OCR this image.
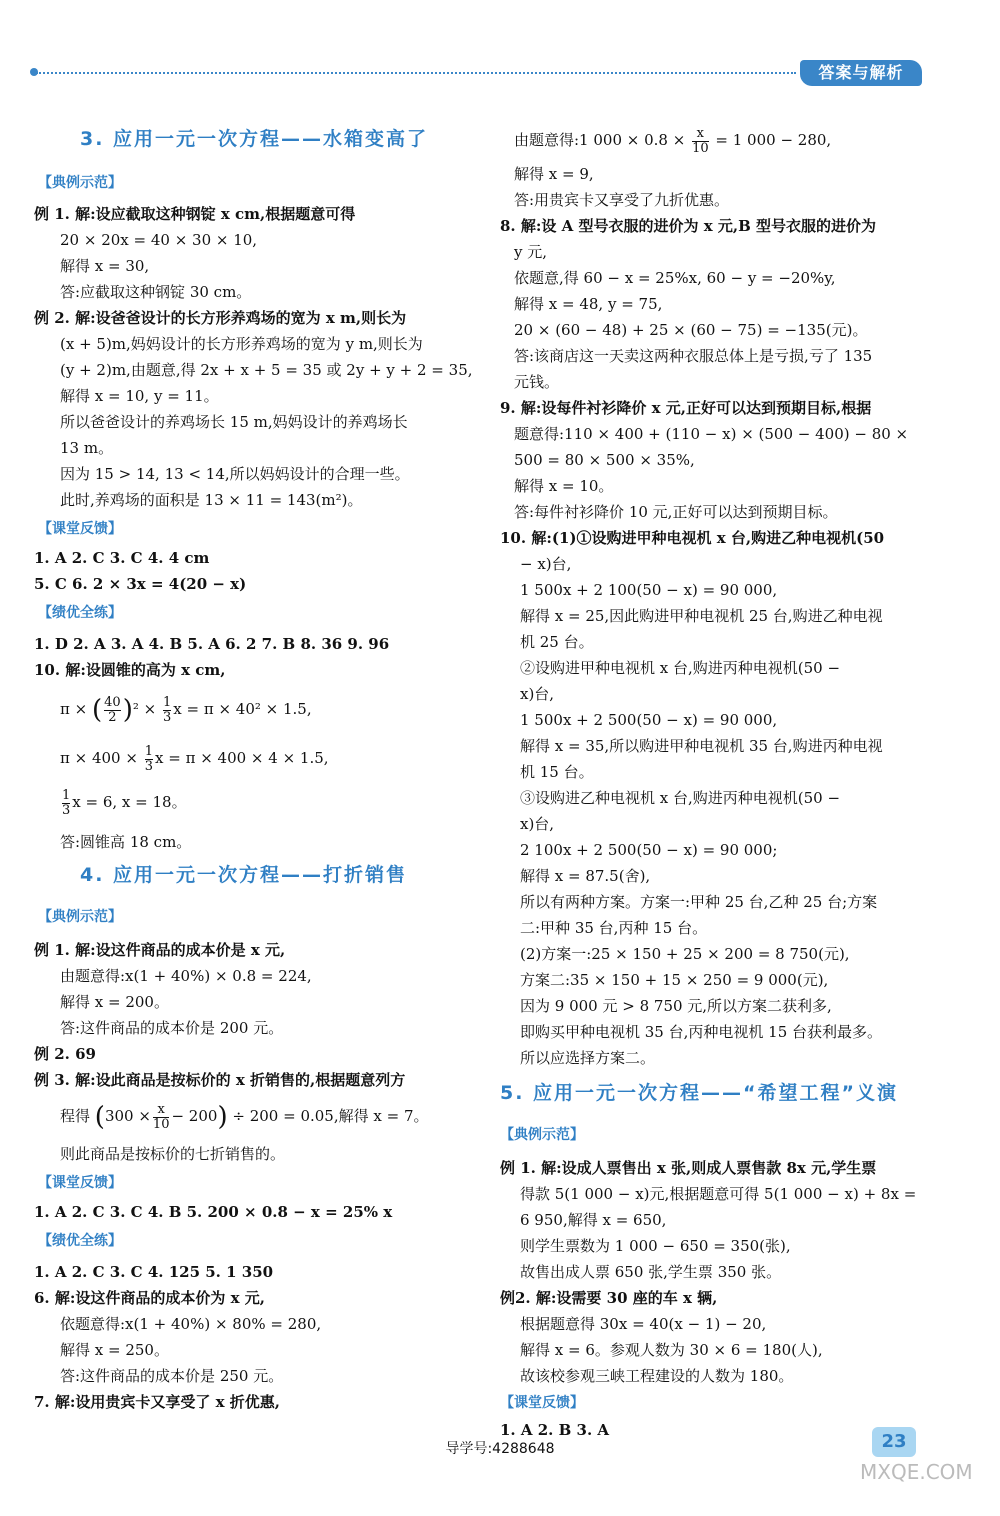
答案与解析
3. 应用一元一次方程——水箱变高了
【典例示范】
例 1. 解:设应截取这种钢锭 x cm,根据题意可得
20 × 20x = 40 × 30 × 10,
解得 x = 30,
答:应截取这种钢锭 30 cm。
例 2. 解:设爸爸设计的长方形养鸡场的宽为 x m,则长为
(x + 5)m,妈妈设计的长方形养鸡场的宽为 y m,则长为
(y + 2)m,由题意,得 2x + x + 5 = 35 或 2y + y + 2 = 35,
解得 x = 10, y = 11。
所以爸爸设计的养鸡场长 15 m,妈妈设计的养鸡场长
13 m。
因为 15 > 14, 13 < 14,所以妈妈设计的合理一些。
此时,养鸡场的面积是 13 × 11 = 143(m²)。
【课堂反馈】
1. A 2. C 3. C 4. 4 cm
5. C 6. 2 × 3x = 4(20 − x)
【绩优全练】
1. D 2. A 3. A 4. B 5. A 6. 2 7. B 8. 36 9. 96
10. 解:设圆锥的高为 x cm,
π × ( $\frac{40}{2} )^2 \times \frac{1}{3}$ x = π × 40² × 1.5,
$\pi \times 400 \times \frac{1}{3}$ x = π × 400 × 4 × 1.5,
$\frac{1}{3}$ x = 6, x = 18。
答:圆锥高 18 cm。
4. 应用一元一次方程——打折销售
【典例示范】
例 1. 解:设这件商品的成本价是 x 元,
由题意得:x(1 + 40%) × 0.8 = 224,
解得 x = 200。
答:这件商品的成本价是 200 元。
例 2. 69
例 3. 解:设此商品是按标价的 x 折销售的,根据题意列方
程得 $(300 \times \frac{x}{10} - 200) \div 200 = 0.05$,解得 x = 7。
则此商品是按标价的七折销售的。
【课堂反馈】
1. A 2. C 3. C 4. B 5. 200 × 0.8 − x = 25% x
【绩优全练】
1. A 2. C 3. C 4. 125 5. 1 350
6. 解:设这件商品的成本价为 x 元,
依题意得:x(1 + 40%) × 80% = 280,
解得 x = 250。
答:这件商品的成本价是 250 元。
7. 解:设用贵宾卡又享受了 x 折优惠,
由题意得:1 $000 \times 0.8 \times \frac{x}{10} = 1$ 000 − 280,
解得 x = 9,
答:用贵宾卡又享受了九折优惠。
8. 解:设 A 型号衣服的进价为 x 元,B 型号衣服的进价为
y 元,
依题意,得 60 − x = 25%x, 60 − y = −20%y,
解得 x = 48, y = 75,
20 × (60 − 48) + 25 × (60 − 75) = −135(元)。
答:该商店这一天卖这两种衣服总体上是亏损,亏了 135
元钱。
9. 解:设每件衬衫降价 x 元,正好可以达到预期目标,根据
题意得:110 × 400 + (110 − x) × (500 − 400) − 80 ×
500 = 80 × 500 × 35%,
解得 x = 10。
答:每件衬衫降价 10 元,正好可以达到预期目标。
10. 解:(1)①设购进甲种电视机 x 台,购进乙种电视机(50
− x)台,
1 500x + 2 100(50 − x) = 90 000,
解得 x = 25,因此购进甲种电视机 25 台,购进乙种电视
机 25 台。
②设购进甲种电视机 x 台,购进丙种电视机(50 −
x)台,
1 500x + 2 500(50 − x) = 90 000,
解得 x = 35,所以购进甲种电视机 35 台,购进丙种电视
机 15 台。
③设购进乙种电视机 x 台,购进丙种电视机(50 −
x)台,
2 100x + 2 500(50 − x) = 90 000;
解得 x = 87.5(舍),
所以有两种方案。方案一:甲种 25 台,乙种 25 台;方案
二:甲种 35 台,丙种 15 台。
(2)方案一:25 × 150 + 25 × 200 = 8 750(元),
方案二:35 × 150 + 15 × 250 = 9 000(元),
因为 9 000 元 > 8 750 元,所以方案二获利多,
即购买甲种电视机 35 台,丙种电视机 15 台获利最多。
所以应选择方案二。
5. 应用一元一次方程——“希望工程”义演
【典例示范】
例 1. 解:设成人票售出 x 张,则成人票售款 8x 元,学生票
得款 5(1 000 − x)元,根据题意可得 5(1 000 − x) + 8x =
6 950,解得 x = 650,
则学生票数为 1 000 − 650 = 350(张),
故售出成人票 650 张,学生票 350 张。
例2. 解:设需要 30 座的车 x 辆,
根据题意得 30x = 40(x − 1) − 20,
解得 x = 6。参观人数为 30 × 6 = 180(人),
故该校参观三峡工程建设的人数为 180。
【课堂反馈】
1. A 2. B 3. A
23
导学号:4288648
MXQE.COM
